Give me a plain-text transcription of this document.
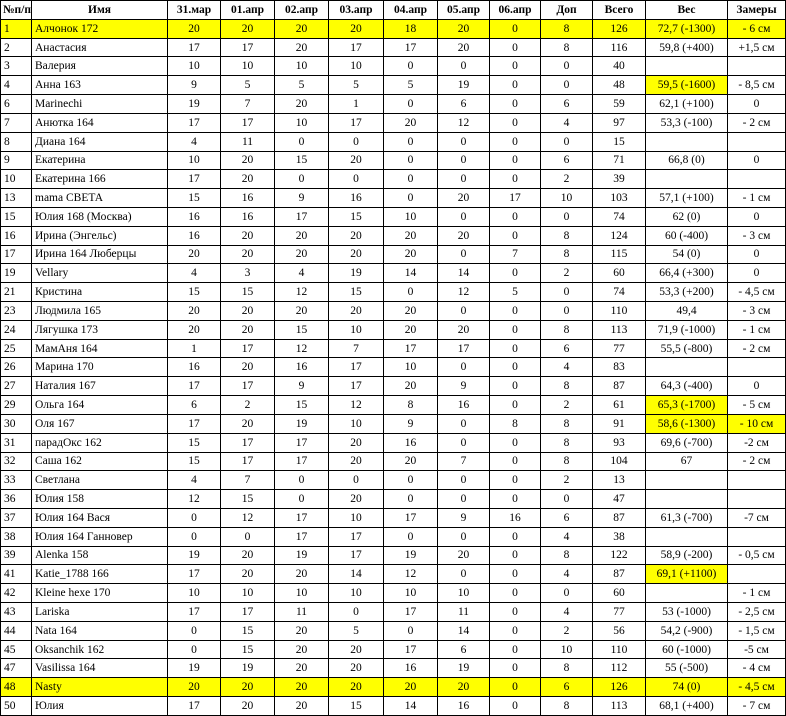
№п/п	Имя	31.мар	01.апр	02.апр	03.апр	04.апр	05.апр	06.апр	Доп	Всего	Вес	Замеры
1	Алчонок 172	20	20	20	20	18	20	0	8	126	72,7 (-1300)	- 6 см
2	Анастасия	17	17	20	17	17	20	0	8	116	59,8 (+400)	+1,5 см
3	Валерия	10	10	10	10	0	0	0	0	40		
4	Анна 163	9	5	5	5	5	19	0	0	48	59,5 (-1600)	- 8,5 см
6	Marinechi	19	7	20	1	0	6	0	6	59	62,1 (+100)	0
7	Анютка 164	17	17	10	17	20	12	0	4	97	53,3 (-100)	- 2 см
8	Диана 164	4	11	0	0	0	0	0	0	15		
9	Екатерина	10	20	15	20	0	0	0	6	71	66,8 (0)	0
10	Екатерина 166	17	20	0	0	0	0	0	2	39		
13	mama СВЕТА	15	16	9	16	0	20	17	10	103	57,1 (+100)	- 1 см
15	Юлия 168 (Москва)	16	16	17	15	10	0	0	0	74	62 (0)	0
16	Ирина (Энгельс)	16	20	20	20	20	20	0	8	124	60 (-400)	- 3 см
17	Ирина 164 Люберцы	20	20	20	20	20	0	7	8	115	54 (0)	0
19	Vellary	4	3	4	19	14	14	0	2	60	66,4 (+300)	0
21	Кристина	15	15	12	15	0	12	5	0	74	53,3 (+200)	- 4,5 см
23	Людмила 165	20	20	20	20	20	0	0	0	110	49,4	- 3 см
24	Лягушка 173	20	20	15	10	20	20	0	8	113	71,9 (-1000)	- 1 см
25	МамАня 164	1	17	12	7	17	17	0	6	77	55,5 (-800)	- 2 см
26	Марина 170	16	20	16	17	10	0	0	4	83		
27	Наталия 167	17	17	9	17	20	9	0	8	87	64,3 (-400)	0
29	Ольга 164	6	2	15	12	8	16	0	2	61	65,3 (-1700)	- 5 см
30	Оля 167	17	20	19	10	9	0	8	8	91	58,6 (-1300)	- 10 см
31	парадОкс 162	15	17	17	20	16	0	0	8	93	69,6 (-700)	-2 см
32	Саша 162	15	17	17	20	20	7	0	8	104	67	- 2 см
33	Светлана	4	7	0	0	0	0	0	2	13		
36	Юлия 158	12	15	0	20	0	0	0	0	47		
37	Юлия 164 Вася	0	12	17	10	17	9	16	6	87	61,3 (-700)	-7 см
38	Юлия 164 Ганновер	0	0	17	17	0	0	0	4	38		
39	Alenka 158	19	20	19	17	19	20	0	8	122	58,9 (-200)	- 0,5 см
41	Katie_1788 166	17	20	20	14	12	0	0	4	87	69,1 (+1100)	
42	Kleine hexe 170	10	10	10	10	10	10	0	0	60		- 1 см
43	Lariska	17	17	11	0	17	11	0	4	77	53 (-1000)	- 2,5 см
44	Nata 164	0	15	20	5	0	14	0	2	56	54,2 (-900)	- 1,5 см
45	Oksanchik 162	0	15	20	20	17	6	0	10	110	60 (-1000)	-5 см
47	Vasilissa 164	19	19	20	20	16	19	0	8	112	55 (-500)	- 4 см
48	Nasty	20	20	20	20	20	20	0	6	126	74 (0)	- 4,5 см
50	Юлия	17	20	20	15	14	16	0	8	113	68,1 (+400)	- 7 см
